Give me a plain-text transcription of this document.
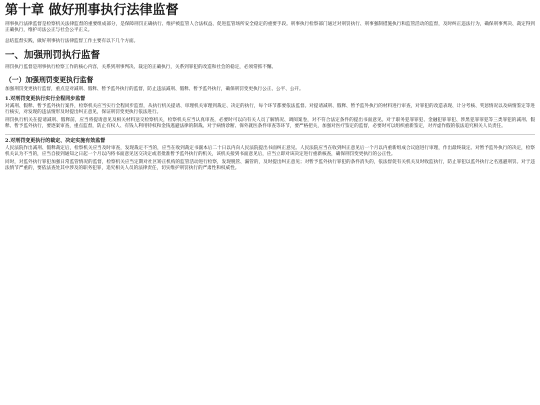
第十章 做好刑事执行法律监督

刑事执行法律监督是检察机关法律监督的重要组成部分，是保障刑罚正确执行、维护被监管人合法权益、促进监管场所安全稳定的重要手段。刑事执行检察部门通过对刑罚执行、刑事强制措施执行和监管活动的监督，及时纠正违法行为，确保刑事判决、裁定得到正确执行，维护司法公正与社会公平正义。

总结监督实践，做好刑事执行法律监督工作主要有以下几个方面。

一、加强刑罚执行监督

刑罚执行监督是刑事执行检察工作的核心内容，关系到刑事判决、裁定的正确执行，关系到罪犯的改造和社会的稳定，必须常抓不懈。

（一）加强刑罚变更执行监督

加强刑罚变更执行监督，重点是对减刑、假释、暂予监外执行的监督，防止违法减刑、假释、暂予监外执行，确保刑罚变更执行公正、公平、公开。

1.对刑罚变更执行实行全程同步监督

对减刑、假释、暂予监外执行案件，检察机关应当实行全程同步监督，从执行机关提请、审理机关审理到裁定、决定的执行，每个环节都要依法监督。对提请减刑、假释、暂予监外执行的材料进行审查，对罪犯的改造表现、计分考核、奖惩情况以及病情鉴定等进行核实，对发现的违法情形及时提出纠正意见，保证刑罚变更执行依法进行。

刑罚执行机关在提请减刑、假释前，应当将提请意见及相关材料送交检察机关，检察机关应当认真审查，必要时可以向有关人员了解情况、调阅案卷，对不符合法定条件的提出书面意见。对于职务犯罪罪犯、金融犯罪罪犯、涉黑犯罪罪犯等三类罪犯的减刑、假释、暂予监外执行，要逐案审查，重点监督，防止有权人、有钱人利用特权和金钱逃避法律的制裁。对于病情诊断、保外就医条件审查等环节，要严格把关，加强对医疗鉴定的监督，必要时可以组织重新鉴定，对弄虚作假的依法追究相关人员责任。

2.对刑罚变更执行的裁定、决定实施有效监督

人民法院作出减刑、假释裁定后，检察机关应当及时审查，发现裁定不当的，应当在收到裁定书副本后二十日以内向人民法院提出书面纠正意见。人民法院应当在收到纠正意见后一个月以内重新组成合议庭进行审理，作出最终裁定。对暂予监外执行的决定，检察机关认为不当的，应当自接到通知之日起一个月以内将书面意见送交决定或者批准暂予监外执行的机关，该机关接到书面意见后，应当立即对该决定进行重新核查，确保刑罚变更执行的公正性。

同时，对监外执行罪犯加强日常监管情况的监督，检察机关应当定期对社区矫正机构的监管活动进行检察，发现脱管、漏管的，及时提出纠正意见；对暂予监外执行罪犯的条件消失的，依法督促有关机关及时收监执行，防止罪犯以监外执行之名逃避刑罚。对于违法情节严重的，要依法查处其中涉及的职务犯罪，追究相关人员的法律责任，切实维护刑罚执行的严肃性和权威性。
